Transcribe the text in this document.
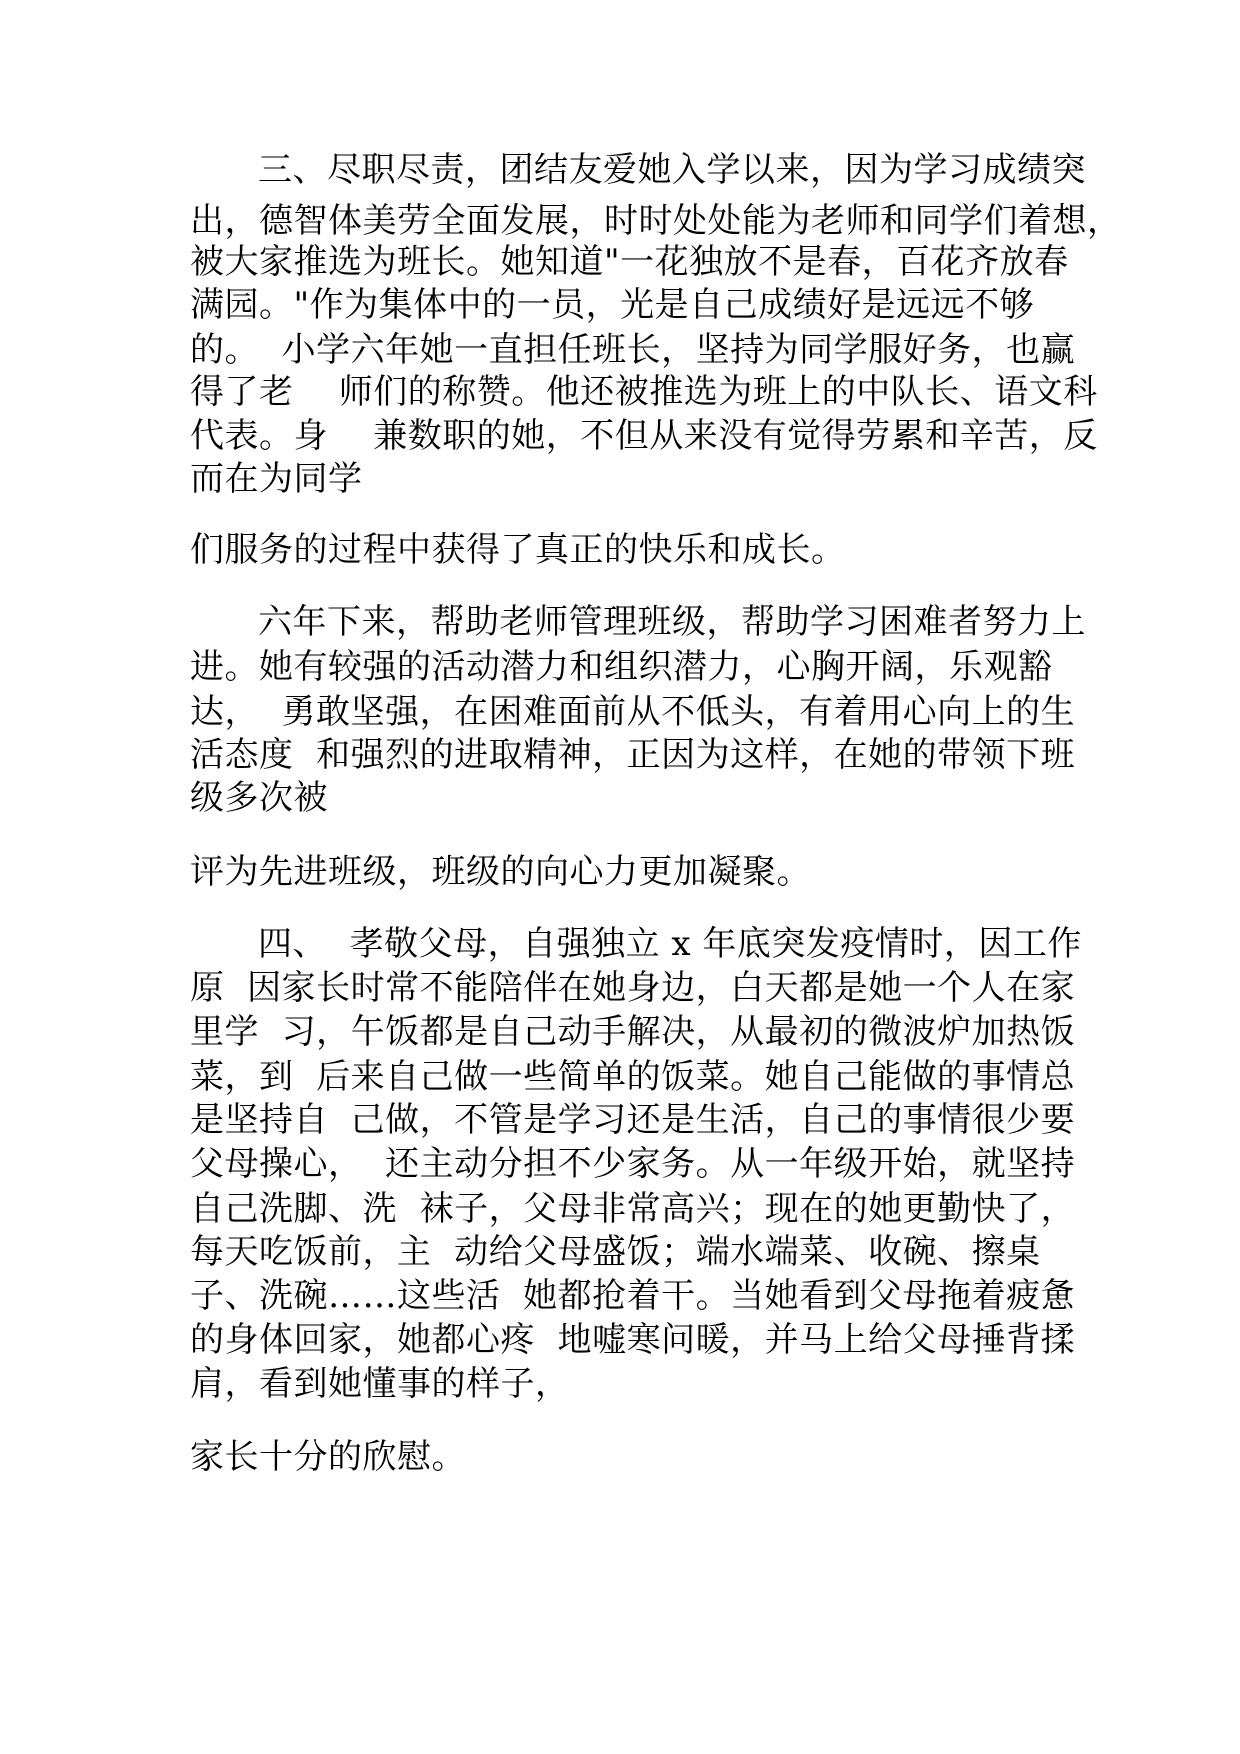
三、尽职尽责，团结友爱她入学以来，因为学习成绩突
出，德智体美劳全面发展，时时处处能为老师和同学们着想，
被大家推选为班长。她知道"一花独放不是春，百花齐放春
满园。"作为集体中的一员，光是自己成绩好是远远不够
的。  小学六年她一直担任班长，坚持为同学服好务，也赢
得了老    师们的称赞。他还被推选为班上的中队长、语文科
代表。身    兼数职的她，不但从来没有觉得劳累和辛苦，反
而在为同学
们服务的过程中获得了真正的快乐和成长。
六年下来，帮助老师管理班级，帮助学习困难者努力上
进。她有较强的活动潜力和组织潜力，心胸开阔，乐观豁
达，  勇敢坚强，在困难面前从不低头，有着用心向上的生
活态度  和强烈的进取精神，正因为这样，在她的带领下班
级多次被
评为先进班级，班级的向心力更加凝聚。
四、  孝敬父母，自强独立 x 年底突发疫情时，因工作
原  因家长时常不能陪伴在她身边，白天都是她一个人在家
里学  习，午饭都是自己动手解决，从最初的微波炉加热饭
菜，到  后来自己做一些简单的饭菜。她自己能做的事情总
是坚持自  己做，不管是学习还是生活，自己的事情很少要
父母操心，  还主动分担不少家务。从一年级开始，就坚持
自己洗脚、洗  袜子，父母非常高兴；现在的她更勤快了，
每天吃饭前，主  动给父母盛饭；端水端菜、收碗、擦桌
子、洗碗……这些活  她都抢着干。当她看到父母拖着疲惫
的身体回家，她都心疼  地嘘寒问暖，并马上给父母捶背揉
肩，看到她懂事的样子，
家长十分的欣慰。
